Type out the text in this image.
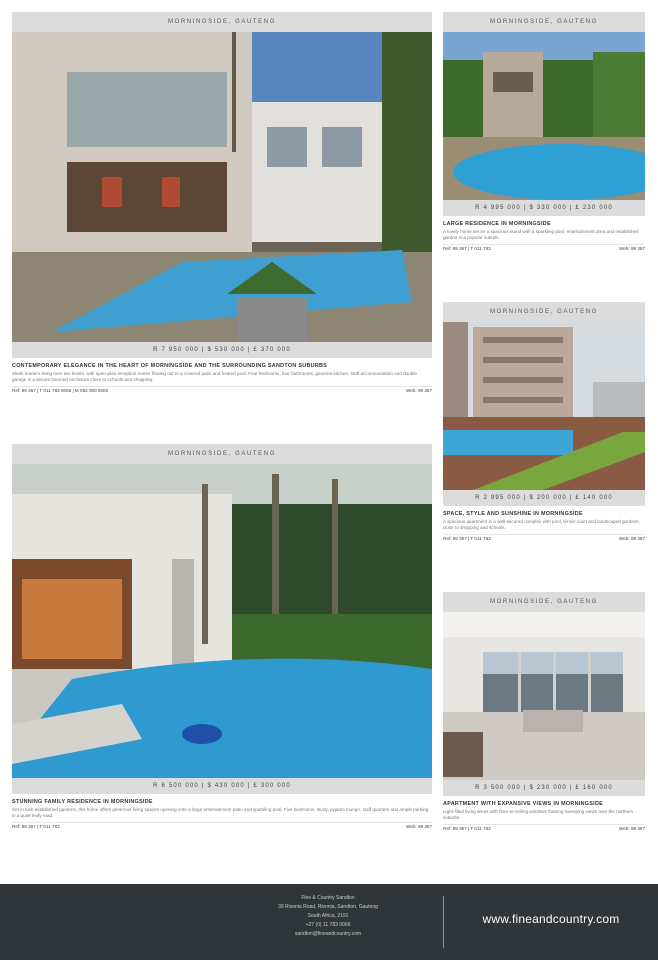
MORNINGSIDE, GAUTENG
R 7 950 000 | $ 530 000 | £ 370 000
CONTEMPORARY ELEGANCE IN THE HEART OF MORNINGSIDE AND THE SURROUNDING SANDTON SUBURBS
Sleek modern living over two levels, with open-plan reception rooms flowing out to a covered patio and heated pool. Four bedrooms, four bathrooms, gourmet kitchen, staff accommodation and double garage in a secure boomed enclosure close to schools and shopping.
Ref: 99 367 | T 011 783 0066 | M 082 000 0000	Web: 99 367
MORNINGSIDE, GAUTENG
R 6 500 000 | $ 430 000 | £ 300 000
STUNNING FAMILY RESIDENCE IN MORNINGSIDE
Set in lush established gardens, this home offers generous living spaces opening onto a large entertainment patio and sparkling pool. Five bedrooms, study, pyjama lounge, staff quarters and ample parking in a quiet leafy road.
Ref: 99 367 | T 011 783	Web: 99 367
MORNINGSIDE, GAUTENG
R 4 995 000 | $ 330 000 | £ 230 000
LARGE RESIDENCE IN MORNINGSIDE
A lovely home set on a spacious stand with a sparkling pool, entertainment area and established garden in a popular suburb.
Ref: 99 367 | T 011 783	Web: 99 367
MORNINGSIDE, GAUTENG
R 2 995 000 | $ 200 000 | £ 140 000
SPACE, STYLE AND SUNSHINE IN MORNINGSIDE
A spacious apartment in a well-secured complex with pool, tennis court and landscaped gardens, close to shopping and schools.
Ref: 99 367 | T 011 783	Web: 99 367
MORNINGSIDE, GAUTENG
R 3 500 000 | $ 230 000 | £ 160 000
APARTMENT WITH EXPANSIVE VIEWS IN MORNINGSIDE
Light-filled living areas with floor-to-ceiling windows framing sweeping views over the northern suburbs.
Ref: 99 367 | T 011 783	Web: 99 367
Fine & Country Sandton
39 Rivonia Road, Rivonia, Sandton, Gauteng
South Africa, 2191
+27 (0) 11 783 0066
sandton@fineandcountry.com
www.fineandcountry.com
